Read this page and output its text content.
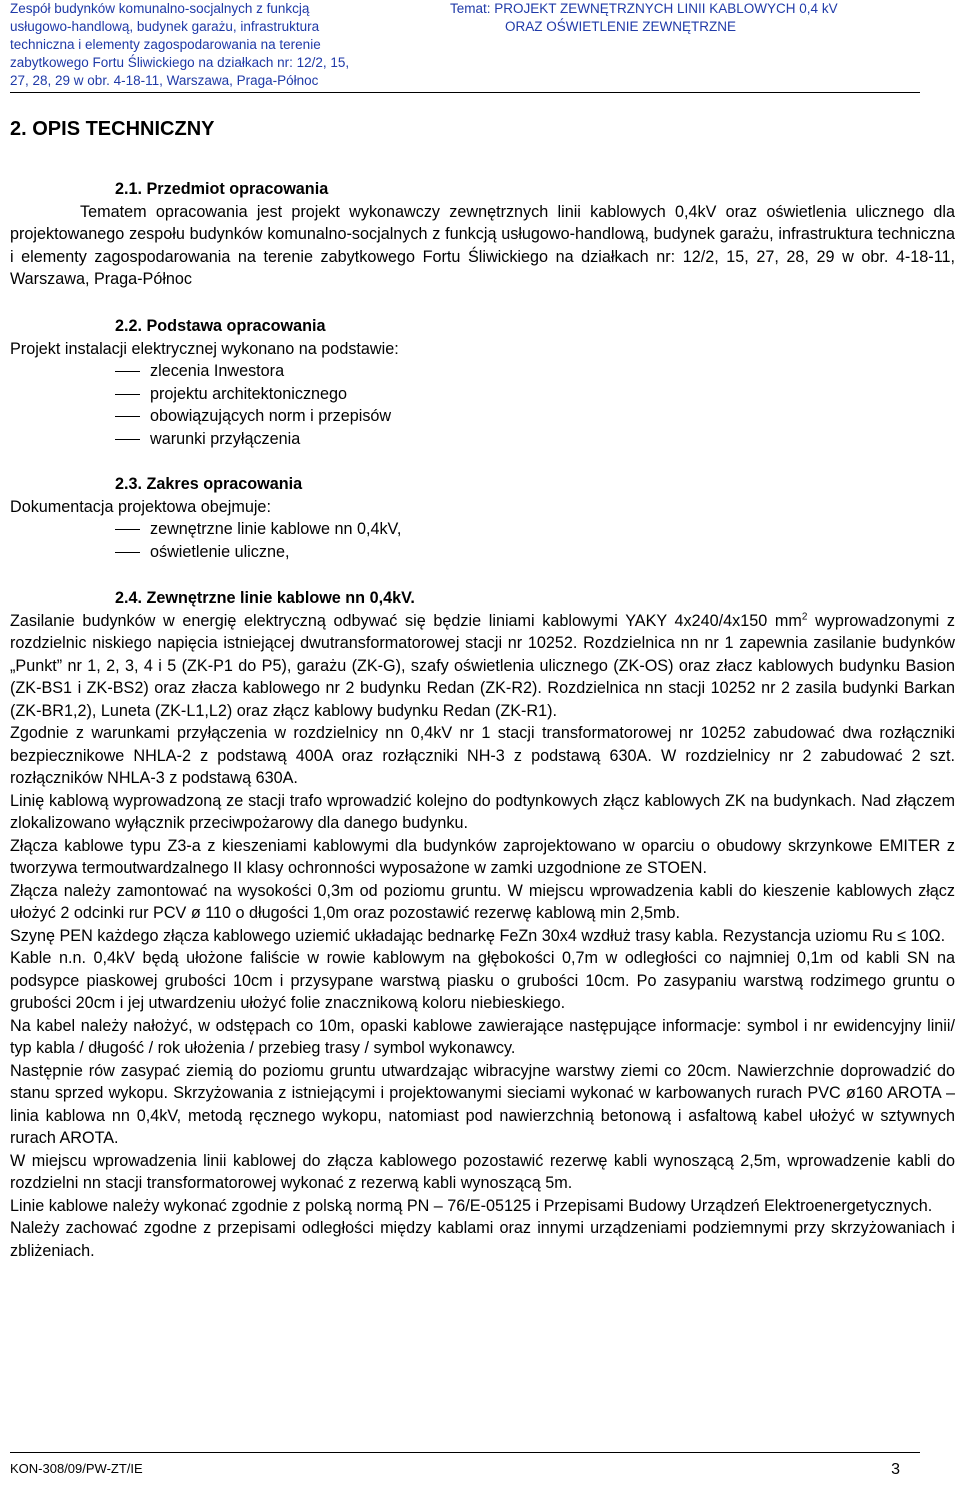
Zespół budynków komunalno-socjalnych z funkcją
usługowo-handlową, budynek garażu, infrastruktura
techniczna i elementy zagospodarowania na terenie
zabytkowego Fortu Śliwickiego na działkach nr: 12/2, 15,
27, 28, 29 w obr. 4-18-11, Warszawa, Praga-Północ
Temat: PROJEKT ZEWNĘTRZNYCH LINII KABLOWYCH 0,4 kV
ORAZ OŚWIETLENIE ZEWNĘTRZNE
2. OPIS TECHNICZNY
2.1. Przedmiot opracowania

Tematem opracowania jest projekt wykonawczy zewnętrznych linii kablowych 0,4kV oraz oświetlenia ulicznego dla projektowanego zespołu budynków komunalno-socjalnych z funkcją usługowo-handlową, budynek garażu, infrastruktura techniczna i elementy zagospodarowania na terenie zabytkowego Fortu Śliwickiego na działkach nr: 12/2, 15, 27, 28, 29 w obr. 4-18-11, Warszawa, Praga-Północ

2.2. Podstawa opracowania
Projekt instalacji elektrycznej wykonano na podstawie:
zlecenia Inwestora
projektu architektonicznego
obowiązujących norm i przepisów
warunki przyłączenia
2.3. Zakres opracowania
Dokumentacja projektowa obejmuje:
zewnętrzne linie kablowe nn 0,4kV,
oświetlenie uliczne,
2.4. Zewnętrzne linie kablowe nn 0,4kV.

Zasilanie budynków w energię elektryczną odbywać się będzie liniami kablowymi YAKY 4x240/4x150 $mm^2$ wyprowadzonymi z rozdzielnic niskiego napięcia istniejącej dwutransformatorowej stacji nr 10252. Rozdzielnica nn nr 1 zapewnia zasilanie budynków „Punkt” nr 1, 2, 3, 4 i 5 (ZK-P1 do P5), garażu (ZK-G), szafy oświetlenia ulicznego (ZK-OS) oraz złacz kablowych budynku Basion (ZK-BS1 i ZK-BS2) oraz złacza kablowego nr 2 budynku Redan (ZK-R2). Rozdzielnica nn stacji 10252 nr 2 zasila budynki Barkan (ZK-BR1,2), Luneta (ZK-L1,L2) oraz złącz kablowy budynku Redan (ZK-R1).

Zgodnie z warunkami przyłączenia w rozdzielnicy nn 0,4kV nr 1 stacji transformatorowej nr 10252 zabudować dwa rozłączniki bezpiecznikowe NHLA-2 z podstawą 400A oraz rozłączniki NH-3 z podstawą 630A. W rozdzielnicy nr 2 zabudować 2 szt. rozłączników NHLA-3 z podstawą 630A.

Linię kablową wyprowadzoną ze stacji trafo wprowadzić kolejno do podtynkowych złącz kablowych ZK na budynkach. Nad złączem zlokalizowano wyłącznik przeciwpożarowy dla danego budynku.

Złącza kablowe typu Z3-a z kieszeniami kablowymi dla budynków zaprojektowano w oparciu o obudowy skrzynkowe EMITER z tworzywa termoutwardzalnego II klasy ochronności wyposażone w zamki uzgodnione ze STOEN.

Złącza należy zamontować na wysokości 0,3m od poziomu gruntu. W miejscu wprowadzenia kabli do kieszenie kablowych złącz ułożyć 2 odcinki rur PCV ø 110 o długości 1,0m oraz pozostawić rezerwę kablową min 2,5mb.

Szynę PEN każdego złącza kablowego uziemić układając bednarkę FeZn 30x4 wzdłuż trasy kabla. Rezystancja uziomu Ru ≤ 10Ω.

Kable n.n. 0,4kV będą ułożone faliście w rowie kablowym na głębokości 0,7m w odległości co najmniej 0,1m od kabli SN na podsypce piaskowej grubości 10cm i przysypane warstwą piasku o grubości 10cm. Po zasypaniu warstwą rodzimego gruntu o grubości 20cm i jej utwardzeniu ułożyć folie znacznikową koloru niebieskiego.

Na kabel należy nałożyć, w odstępach co 10m, opaski kablowe zawierające następujące informacje: symbol i nr ewidencyjny linii/ typ kabla / długość / rok ułożenia / przebieg trasy / symbol wykonawcy.

Następnie rów zasypać ziemią do poziomu gruntu utwardzając wibracyjne warstwy ziemi co 20cm. Nawierzchnie doprowadzić do stanu sprzed wykopu. Skrzyżowania z istniejącymi i projektowanymi sieciami wykonać w karbowanych rurach PVC ø160 AROTA – linia kablowa nn 0,4kV, metodą ręcznego wykopu, natomiast pod nawierzchnią betonową i asfaltową kabel ułożyć w sztywnych rurach AROTA.

W miejscu wprowadzenia linii kablowej do złącza kablowego pozostawić rezerwę kabli wynoszącą 2,5m, wprowadzenie kabli do rozdzielni nn stacji transformatorowej wykonać z rezerwą kabli wynoszącą 5m.

Linie kablowe należy wykonać zgodnie z polską normą PN – 76/E-05125 i Przepisami Budowy Urządzeń Elektroenergetycznych.

Należy zachować zgodne z przepisami odległości między kablami oraz innymi urządzeniami podziemnymi przy skrzyżowaniach i zbliżeniach.

KON-308/09/PW-ZT/IE	3
